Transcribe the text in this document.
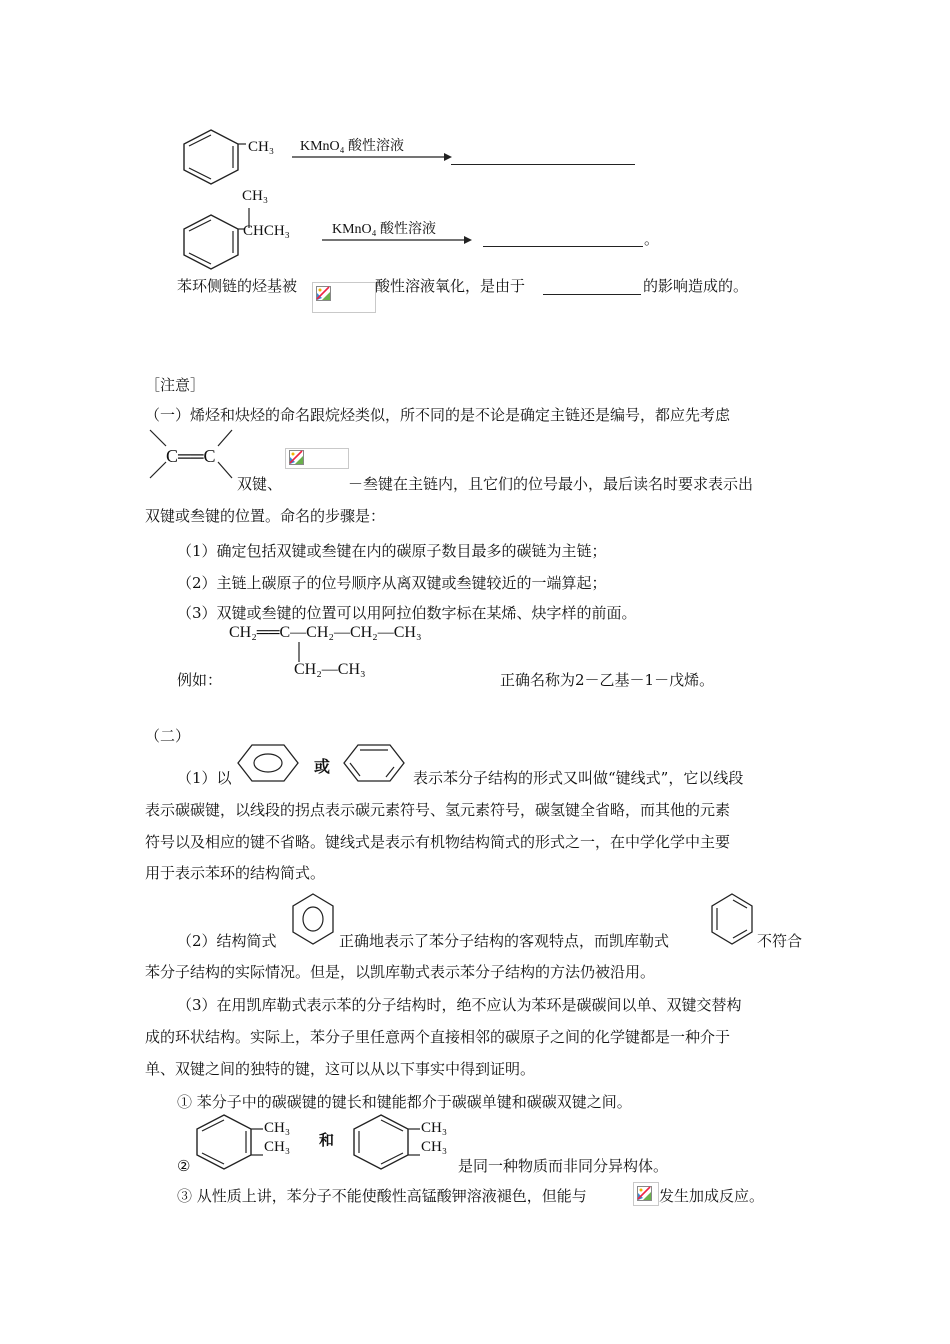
CH₃ KMnO₄ 酸性溶液
CH₃
CHCH₃	KMnO₄ 酸性溶液
。
苯环侧链的烃基被	酸性溶液氧化，是由于	的影响造成的。
［注意］
（一）烯烃和炔烃的命名跟烷烃类似，所不同的是不论是确定主链还是编号，都应先考虑
C══C
双键、	－叁键在主链内，且它们的位号最小，最后读名时要求表示出
双键或叁键的位置。命名的步骤是：
（1）确定包括双键或叁键在内的碳原子数目最多的碳链为主链；
（2）主链上碳原子的位号顺序从离双键或叁键较近的一端算起；
（3）双键或叁键的位置可以用阿拉伯数字标在某烯、炔字样的前面。
CH₂══C—CH₂—CH₂—CH₃
例如：
CH₂—CH₃
正确名称为2－乙基－1－戊烯。
（二）
（1）以
或
表示苯分子结构的形式又叫做“键线式”，它以线段
表示碳碳键，以线段的拐点表示碳元素符号、氢元素符号，碳氢键全省略，而其他的元素
符号以及相应的键不省略。键线式是表示有机物结构简式的形式之一，在中学化学中主要
用于表示苯环的结构简式。
（2）结构简式	正确地表示了苯分子结构的客观特点，而凯库勒式	不符合
苯分子结构的实际情况。但是，以凯库勒式表示苯分子结构的方法仍被沿用。
（3）在用凯库勒式表示苯的分子结构时，绝不应认为苯环是碳碳间以单、双键交替构
成的环状结构。实际上，苯分子里任意两个直接相邻的碳原子之间的化学键都是一种介于
单、双键之间的独特的键，这可以从以下事实中得到证明。
① 苯分子中的碳碳键的键长和键能都介于碳碳单键和碳碳双键之间。
CH₃
CH₃
②
和
CH₃
CH₃
是同一种物质而非同分异构体。
③ 从性质上讲，苯分子不能使酸性高锰酸钾溶液褪色，但能与	发生加成反应。
